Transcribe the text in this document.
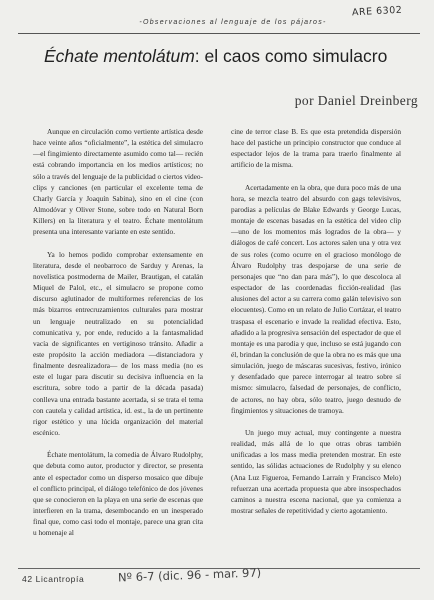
-Observaciones al lenguaje de los pájaros-
ARE 6302
Échate mentolátum: el caos como simulacro
por Daniel Dreinberg

Aunque en circulación como vertiente artística desde hace veinte años “oficialmente”, la estética del simulacro —el fingimiento directamente asumido como tal— recién está cobrando importancia en los medios artísticos; no sólo a través del lenguaje de la publicidad o ciertos video-clips y canciones (en particular el excelente tema de Charly García y Joaquín Sabina), sino en el cine (con Almodóvar y Oliver Stone, sobre todo en Natural Born Killers) en la literatura y el teatro. Échate mentolátum presenta una interesante variante en este sentido.

Ya lo hemos podido comprobar extensamente en literatura, desde el neobarroco de Sarduy y Arenas, la novelística postmoderna de Mailer, Brautigan, el catalán Miquel de Palol, etc., el simulacro se propone como discurso aglutinador de multiformes referencias de los más bizarros entrecruzamientos culturales para mostrar un lenguaje neutralizado en su potencialidad comunicativa y, por ende, reducido a la fantasmalidad vacía de significantes en vertiginoso tránsito. Añadir a este propósito la acción mediadora —distanciadora y finalmente desrealizadora— de los mass media (no es este el lugar para discutir su decisiva influencia en la escritura, sobre todo a partir de la década pasada) conlleva una entrada bastante acertada, si se trata el tema con cautela y calidad artística, id. est., la de un pertinente rigor estético y una lúcida organización del material escénico.

Échate mentolátum, la comedia de Álvaro Rudolphy, que debuta como autor, productor y director, se presenta ante el espectador como un disperso mosaico que dibuje el conflicto principal, el diálogo telefónico de dos jóvenes que se conocieron en la playa en una serie de escenas que interfieren en la trama, desembocando en un inesperado final que, como casi todo el montaje, parece una gran cita u homenaje al

cine de terror clase B. Es que esta pretendida dispersión hace del pastiche un principio constructor que conduce al espectador lejos de la trama para traerlo finalmente al artificio de la misma.

Acertadamente en la obra, que dura poco más de una hora, se mezcla teatro del absurdo con gags televisivos, parodias a películas de Blake Edwards y George Lucas, montaje de escenas basadas en la estética del video clip —uno de los momentos más logrados de la obra— y diálogos de café concert. Los actores salen una y otra vez de sus roles (como ocurre en el gracioso monólogo de Álvaro Rudolphy tras despojarse de una serie de personajes que “no dan para más”), lo que descoloca al espectador de las coordenadas ficción-realidad (las alusiones del actor a su carrera como galán televisivo son elocuentes). Como en un relato de Julio Cortázar, el teatro traspasa el escenario e invade la realidad efectiva. Esto, añadido a la progresiva sensación del espectador de que el montaje es una parodia y que, incluso se está jugando con él, brindan la conclusión de que la obra no es más que una simulación, juego de máscaras sucesivas, festivo, irónico y desenfadado que parece interrogar al teatro sobre sí mismo: simulacro, falsedad de personajes, de conflicto, de actores, no hay obra, sólo teatro, juego desnudo de fingimientos y situaciones de tramoya.

Un juego muy actual, muy contingente a nuestra realidad, más allá de lo que otras obras también unificadas a los mass media pretenden mostrar. En este sentido, las sólidas actuaciones de Rudolphy y su elenco (Ana Luz Figueroa, Fernando Larraín y Francisco Melo) refuerzan una acertada propuesta que abre insospechados caminos a nuestra escena nacional, que ya comienza a mostrar señales de repetitividad y cierto agotamiento.

42 Licantropía	Nº 6-7 (dic. 96 - mar. 97)
